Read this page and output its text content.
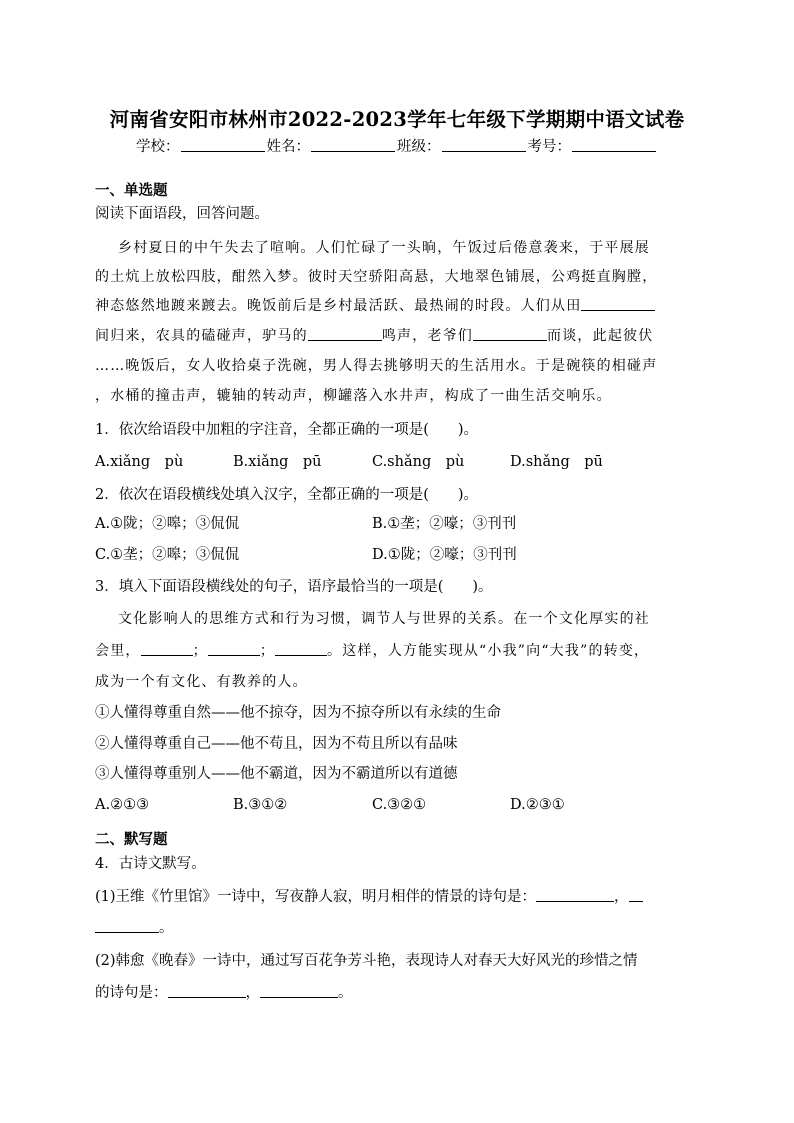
河南省安阳市林州市2022-2023学年七年级下学期期中语文试卷
学校：	姓名：	班级：	考号：
一、单选题
阅读下面语段，回答问题。
乡村夏日的中午失去了喧响。人们忙碌了一头晌，午饭过后倦意袭来，于平展展
的土炕上放松四肢，酣然入梦。彼时天空骄阳高悬，大地翠色铺展，公鸡挺直胸膛，
神态悠然地踱来踱去。晚饭前后是乡村最活跃、最热闹的时段。人们从田
间归来，农具的磕碰声，驴马的	鸣声，老爷们	而谈，此起彼伏
……晚饭后，女人收拾桌子洗碗，男人得去挑够明天的生活用水。于是碗筷的相碰声
，水桶的撞击声，辘轴的转动声，柳罐落入水井声，构成了一曲生活交响乐。
1．依次给语段中加粗的字注音，全都正确的一项是(　　)。
A.xiǎng　pù	B.xiǎng　pū	C.shǎng　pù	D.shǎng　pū
2．依次在语段横线处填入汉字，全都正确的一项是(　　)。
A.①陇；②嗥；③侃侃	B.①垄；②嚎；③刊刊
C.①垄；②嗥；③侃侃	D.①陇；②嚎；③刊刊
3．填入下面语段横线处的句子，语序最恰当的一项是(　　)。
文化影响人的思维方式和行为习惯，调节人与世界的关系。在一个文化厚实的社
会里，	；	；	。这样，人方能实现从“小我”向“大我”的转变，
成为一个有文化、有教养的人。
①人懂得尊重自然——他不掠夺，因为不掠夺所以有永续的生命
②人懂得尊重自己——他不苟且，因为不苟且所以有品味
③人懂得尊重别人——他不霸道，因为不霸道所以有道德
A.②①③	B.③①②	C.③②①	D.②③①
二、默写题
4．古诗文默写。
(1)王维《竹里馆》一诗中，写夜静人寂，明月相伴的情景的诗句是：	，
。
(2)韩愈《晚春》一诗中，通过写百花争芳斗艳，表现诗人对春天大好风光的珍惜之情
的诗句是：	，	。
